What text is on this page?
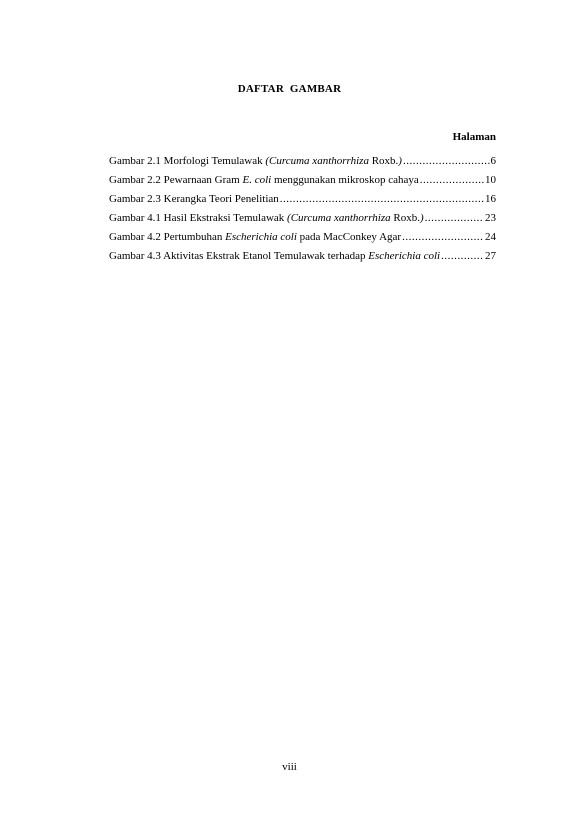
DAFTAR GAMBAR
Halaman
Gambar 2.1 Morfologi Temulawak (Curcuma xanthorrhiza Roxb.) .....	6
Gambar 2.2 Pewarnaan Gram E. coli menggunakan mikroskop cahaya .....	10
Gambar 2.3 Kerangka Teori Penelitian .....	16
Gambar 4.1 Hasil Ekstraksi Temulawak (Curcuma xanthorrhiza Roxb.) .....	23
Gambar 4.2 Pertumbuhan Escherichia coli pada MacConkey Agar .....	24
Gambar 4.3 Aktivitas Ekstrak Etanol Temulawak terhadap Escherichia coli .....	27
viii
